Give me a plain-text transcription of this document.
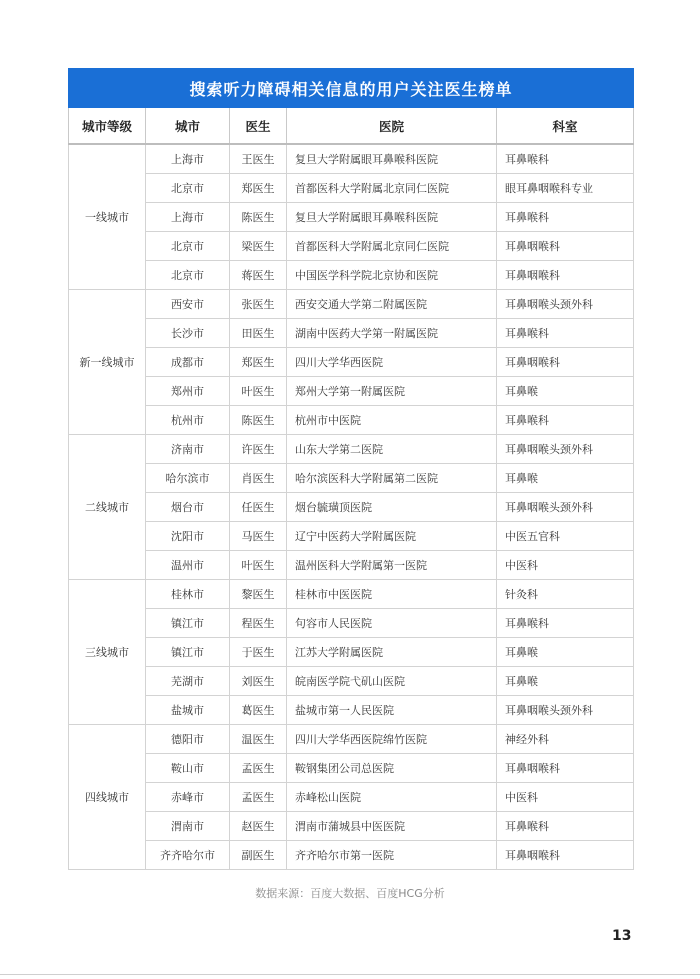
搜索听力障碍相关信息的用户关注医生榜单				
城市等级	城市	医生	医院	科室
一线城市	上海市	王医生	复旦大学附属眼耳鼻喉科医院	耳鼻喉科
	北京市	郑医生	首都医科大学附属北京同仁医院	眼耳鼻咽喉科专业
	上海市	陈医生	复旦大学附属眼耳鼻喉科医院	耳鼻喉科
	北京市	梁医生	首都医科大学附属北京同仁医院	耳鼻咽喉科
	北京市	蒋医生	中国医学科学院北京协和医院	耳鼻咽喉科
新一线城市	西安市	张医生	西安交通大学第二附属医院	耳鼻咽喉头颈外科
	长沙市	田医生	湖南中医药大学第一附属医院	耳鼻喉科
	成都市	郑医生	四川大学华西医院	耳鼻咽喉科
	郑州市	叶医生	郑州大学第一附属医院	耳鼻喉
	杭州市	陈医生	杭州市中医院	耳鼻喉科
二线城市	济南市	许医生	山东大学第二医院	耳鼻咽喉头颈外科
	哈尔滨市	肖医生	哈尔滨医科大学附属第二医院	耳鼻喉
	烟台市	任医生	烟台毓璜顶医院	耳鼻咽喉头颈外科
	沈阳市	马医生	辽宁中医药大学附属医院	中医五官科
	温州市	叶医生	温州医科大学附属第一医院	中医科
三线城市	桂林市	黎医生	桂林市中医医院	针灸科
	镇江市	程医生	句容市人民医院	耳鼻喉科
	镇江市	于医生	江苏大学附属医院	耳鼻喉
	芜湖市	刘医生	皖南医学院弋矶山医院	耳鼻喉
	盐城市	葛医生	盐城市第一人民医院	耳鼻咽喉头颈外科
四线城市	德阳市	温医生	四川大学华西医院绵竹医院	神经外科
	鞍山市	孟医生	鞍钢集团公司总医院	耳鼻咽喉科
	赤峰市	孟医生	赤峰松山医院	中医科
	渭南市	赵医生	渭南市蒲城县中医医院	耳鼻喉科
	齐齐哈尔市	副医生	齐齐哈尔市第一医院	耳鼻咽喉科
数据来源：百度大数据、百度HCG分析
13
